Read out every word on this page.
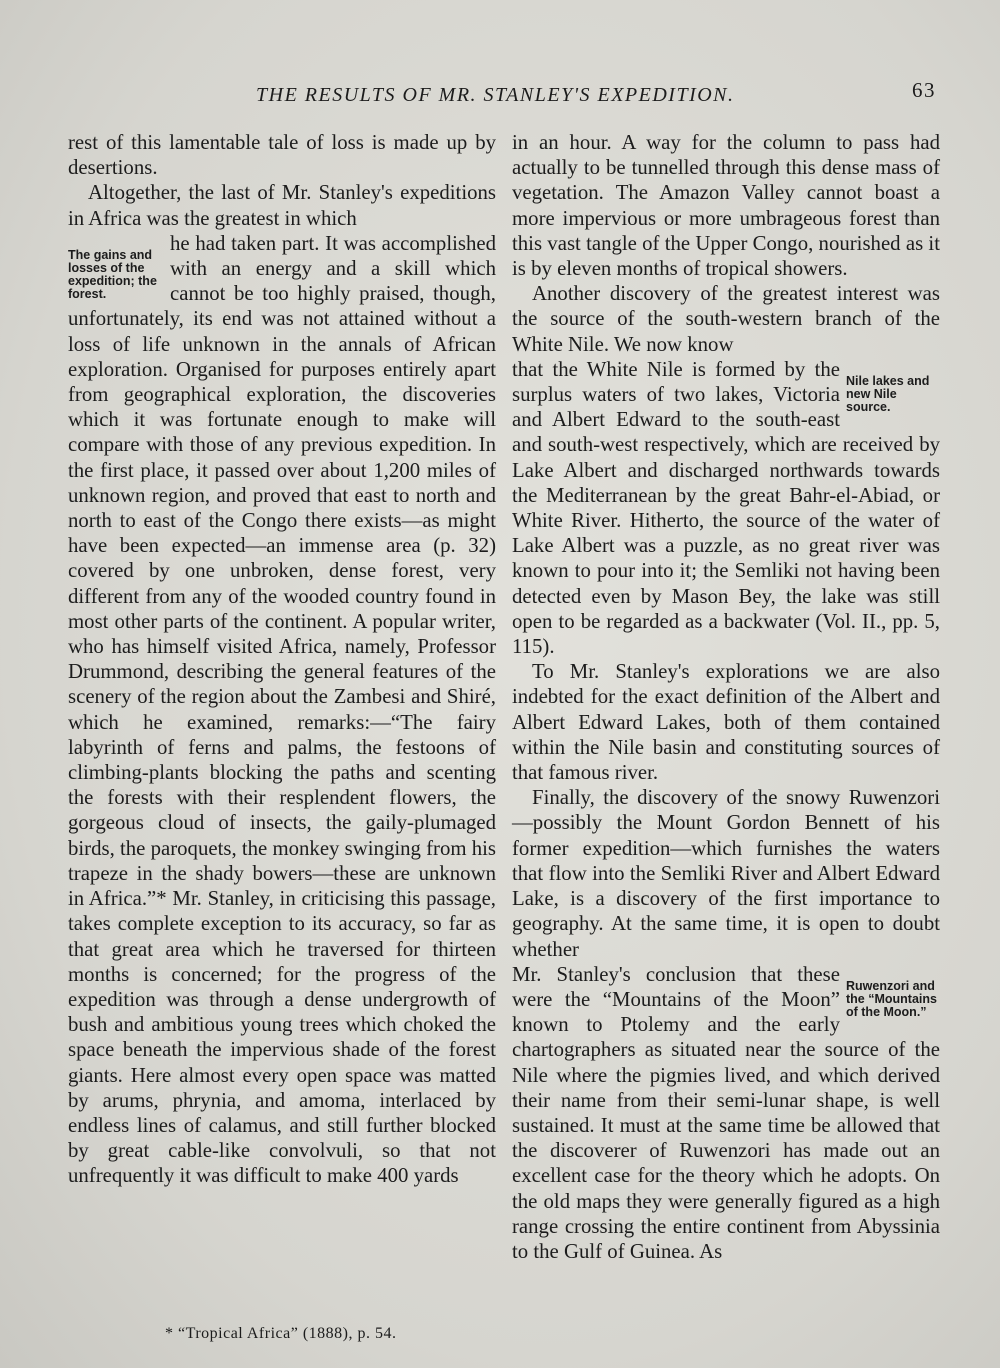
THE RESULTS OF MR. STANLEY'S EXPEDITION.	63

rest of this lamentable tale of loss is made up by desertions.

Altogether, the last of Mr. Stanley's expeditions in Africa was the greatest in which

The gains and losses of the expedition; the forest.

he had taken part. It was accomplished with an energy and a skill which cannot be too highly praised, though, unfortunately, its end was not attained without a loss of life unknown in the annals of African exploration. Organised for purposes entirely apart from geographical exploration, the discoveries which it was fortunate enough to make will compare with those of any previous expedition. In the first place, it passed over about 1,200 miles of unknown region, and proved that east to north and north to east of the Congo there exists—as might have been expected—an immense area (p. 32) covered by one unbroken, dense forest, very different from any of the wooded country found in most other parts of the continent. A popular writer, who has himself visited Africa, namely, Professor Drummond, describing the general features of the scenery of the region about the Zambesi and Shiré, which he examined, remarks:—“The fairy labyrinth of ferns and palms, the festoons of climbing-plants blocking the paths and scenting the forests with their resplendent flowers, the gorgeous cloud of insects, the gaily-plumaged birds, the paroquets, the monkey swinging from his trapeze in the shady bowers—these are unknown in Africa.”* Mr. Stanley, in criticising this passage, takes complete exception to its accuracy, so far as that great area which he traversed for thirteen months is concerned; for the progress of the expedition was through a dense undergrowth of bush and ambitious young trees which choked the space beneath the impervious shade of the forest giants. Here almost every open space was matted by arums, phrynia, and amoma, interlaced by endless lines of calamus, and still further blocked by great cable-like convolvuli, so that not unfrequently it was difficult to make 400 yards

in an hour. A way for the column to pass had actually to be tunnelled through this dense mass of vegetation. The Amazon Valley cannot boast a more impervious or more umbrageous forest than this vast tangle of the Upper Congo, nourished as it is by eleven months of tropical showers.

Another discovery of the greatest interest was the source of the south-western branch of the White Nile. We now know

Nile lakes and new Nile source.

that the White Nile is formed by the surplus waters of two lakes, Victoria and Albert Edward to the south-east and south-west respectively, which are received by Lake Albert and discharged northwards towards the Mediterranean by the great Bahr-el-Abiad, or White River. Hitherto, the source of the water of Lake Albert was a puzzle, as no great river was known to pour into it; the Semliki not having been detected even by Mason Bey, the lake was still open to be regarded as a backwater (Vol. II., pp. 5, 115).

To Mr. Stanley's explorations we are also indebted for the exact definition of the Albert and Albert Edward Lakes, both of them contained within the Nile basin and constituting sources of that famous river.

Finally, the discovery of the snowy Ruwenzori—possibly the Mount Gordon Bennett of his former expedition—which furnishes the waters that flow into the Semliki River and Albert Edward Lake, is a discovery of the first importance to geography. At the same time, it is open to doubt whether

Ruwenzori and the “Mountains of the Moon.”

Mr. Stanley's conclusion that these were the “Mountains of the Moon” known to Ptolemy and the early chartographers as situated near the source of the Nile where the pigmies lived, and which derived their name from their semi-lunar shape, is well sustained. It must at the same time be allowed that the discoverer of Ruwenzori has made out an excellent case for the theory which he adopts. On the old maps they were generally figured as a high range crossing the entire continent from Abyssinia to the Gulf of Guinea. As

* “Tropical Africa” (1888), p. 54.
